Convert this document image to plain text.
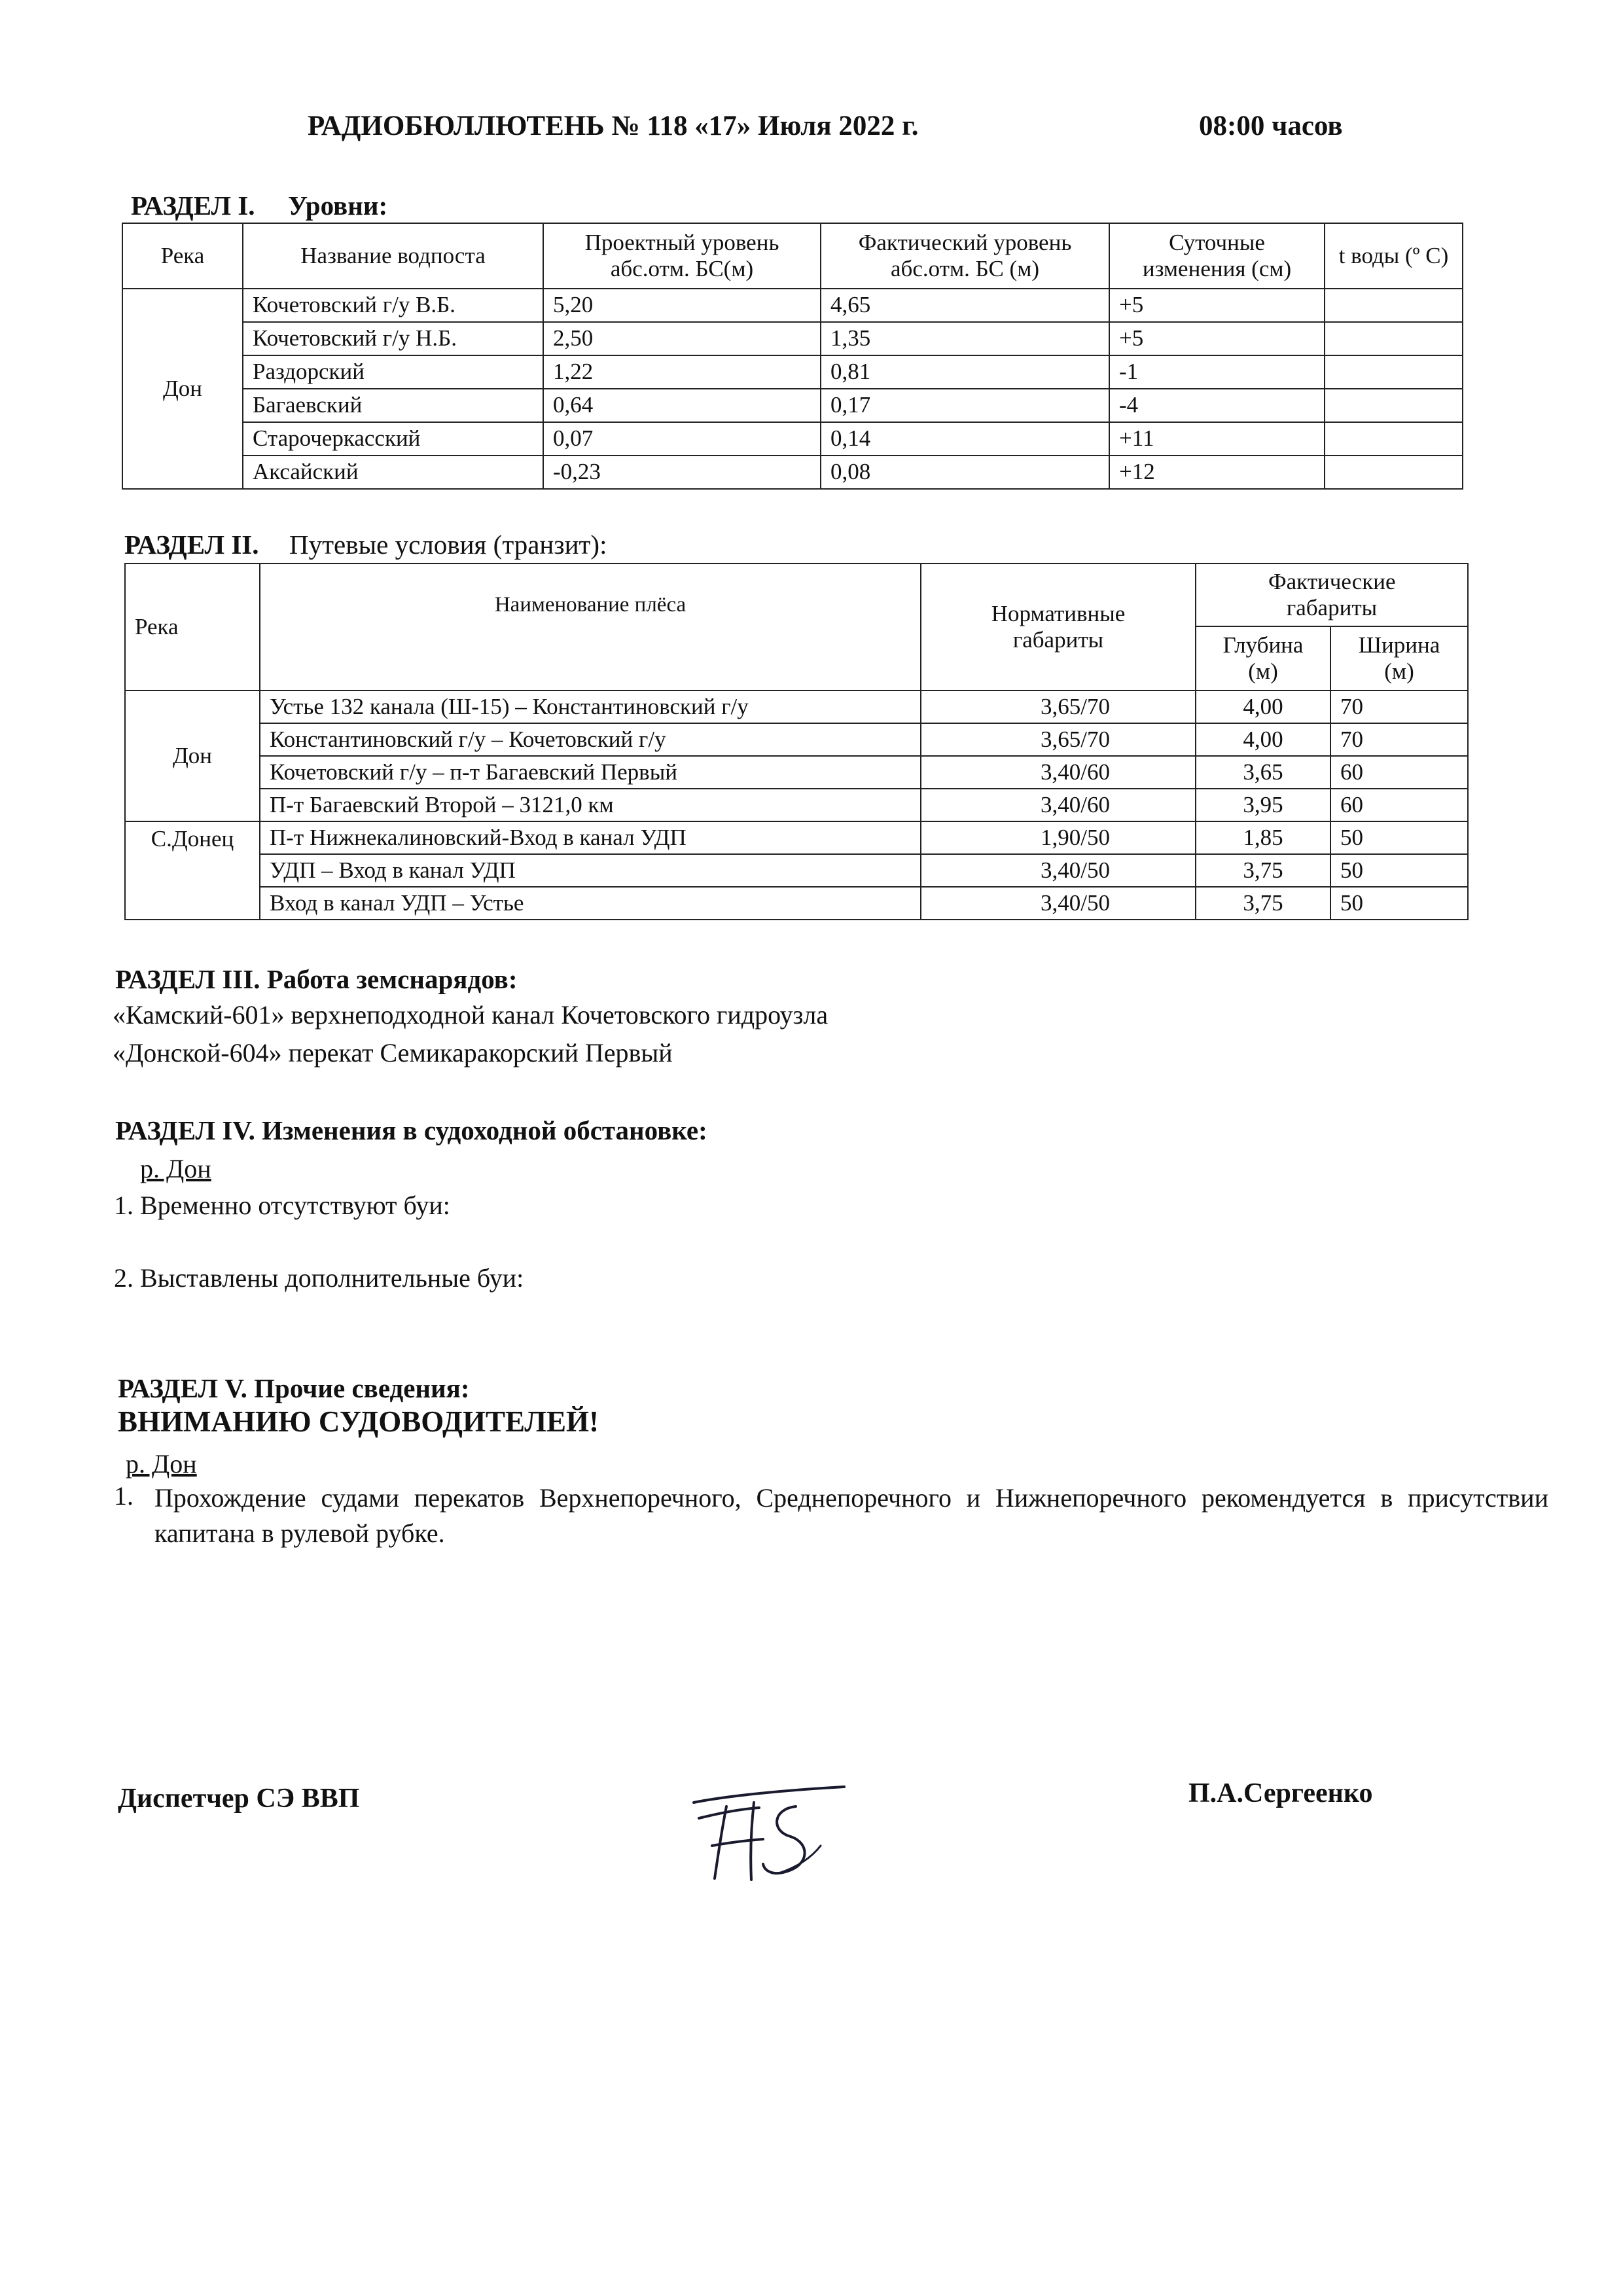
РАДИОБЮЛЛЮТЕНЬ № 118 «17» Июля 2022 г.	08:00 часов
РАЗДЕЛ I. Уровни:
Река	Название водпоста	Проектный уровень абс.отм. БС(м)	Фактический уровень абс.отм. БС (м)	Суточные изменения (см)	t воды (º C)
Дон	Кочетовский г/у В.Б.	5,20	4,65	+5	
	Кочетовский г/у Н.Б.	2,50	1,35	+5	
	Раздорский	1,22	0,81	-1	
	Багаевский	0,64	0,17	-4	
	Старочеркасский	0,07	0,14	+11	
	Аксайский	-0,23	0,08	+12	
РАЗДЕЛ II. Путевые условия (транзит):
Река	Наименование плёса	Нормативные габариты	Фактические габариты	
			Глубина (м)	Ширина (м)
Дон	Устье 132 канала (Ш-15) – Константиновский г/у	3,65/70	4,00	70
	Константиновский г/у – Кочетовский г/у	3,65/70	4,00	70
	Кочетовский г/у – п-т Багаевский Первый	3,40/60	3,65	60
	П-т Багаевский Второй – 3121,0 км	3,40/60	3,95	60
С.Донец	П-т Нижнекалиновский-Вход в канал УДП	1,90/50	1,85	50
	УДП – Вход в канал УДП	3,40/50	3,75	50
	Вход в канал УДП – Устье	3,40/50	3,75	50
РАЗДЕЛ III. Работа земснарядов:
«Камский-601» верхнеподходной канал Кочетовского гидроузла
«Донской-604» перекат Семикаракорский Первый
РАЗДЕЛ IV. Изменения в судоходной обстановке:
р. Дон
1. Временно отсутствуют буи:
2. Выставлены дополнительные буи:
РАЗДЕЛ V. Прочие сведения:
ВНИМАНИЮ СУДОВОДИТЕЛЕЙ!
р. Дон
1. Прохождение судами перекатов Верхнепоречного, Среднепоречного и Нижнепоречного рекомендуется в присутствии капитана в рулевой рубке.
Диспетчер СЭ ВВП	П.А.Сергеенко
